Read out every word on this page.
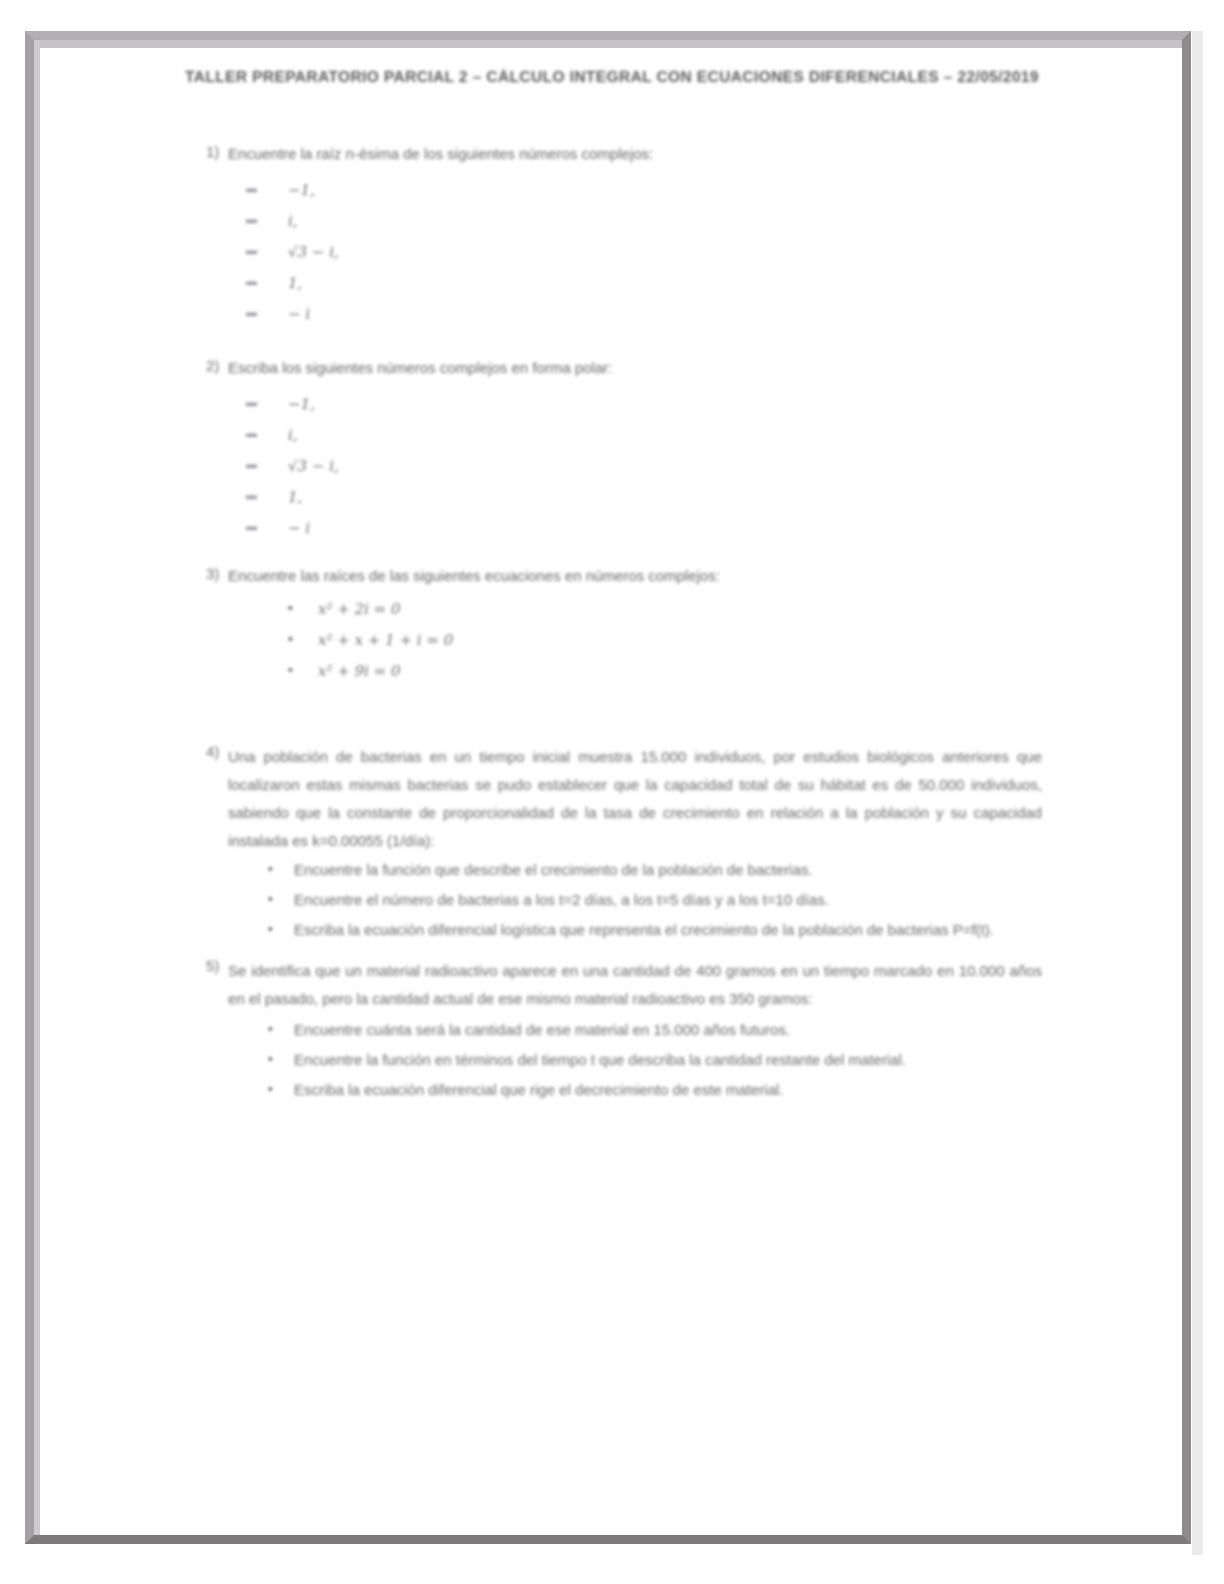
TALLER PREPARATORIO PARCIAL 2 – CÁLCULO INTEGRAL CON ECUACIONES DIFERENCIALES – 22/05/2019
1) Encuentre la raíz n-ésima de los siguientes números complejos:
▬ −1,
▬ i,
▬ √3 − i,
▬ 1,
▬ − i
2) Escriba los siguientes números complejos en forma polar:
▬ −1,
▬ i,
▬ √3 − i,
▬ 1,
▬ − i
3) Encuentre las raíces de las siguientes ecuaciones en números complejos:
▪ x² + 2i = 0
▪ x² + x + 1 + i = 0
▪ x² + 9i = 0
4) Una población de bacterias en un tiempo inicial muestra 15.000 individuos, por estudios biológicos anteriores que localizaron estas mismas bacterias se pudo establecer que la capacidad total de su hábitat es de 50.000 individuos, sabiendo que la constante de proporcionalidad de la tasa de crecimiento en relación a la población y su capacidad instalada es k=0.00055 (1/día):

▪ Encuentre la función que describe el crecimiento de la población de bacterias.
▪ Encuentre el número de bacterias a los t=2 días, a los t=5 días y a los t=10 días.
▪ Escriba la ecuación diferencial logística que representa el crecimiento de la población de bacterias P=f(t).
5) Se identifica que un material radioactivo aparece en una cantidad de 400 gramos en un tiempo marcado en 10.000 años en el pasado, pero la cantidad actual de ese mismo material radioactivo es 350 gramos:

▪ Encuentre cuánta será la cantidad de ese material en 15.000 años futuros.
▪ Encuentre la función en términos del tiempo t que describa la cantidad restante del material.
▪ Escriba la ecuación diferencial que rige el decrecimiento de este material.
